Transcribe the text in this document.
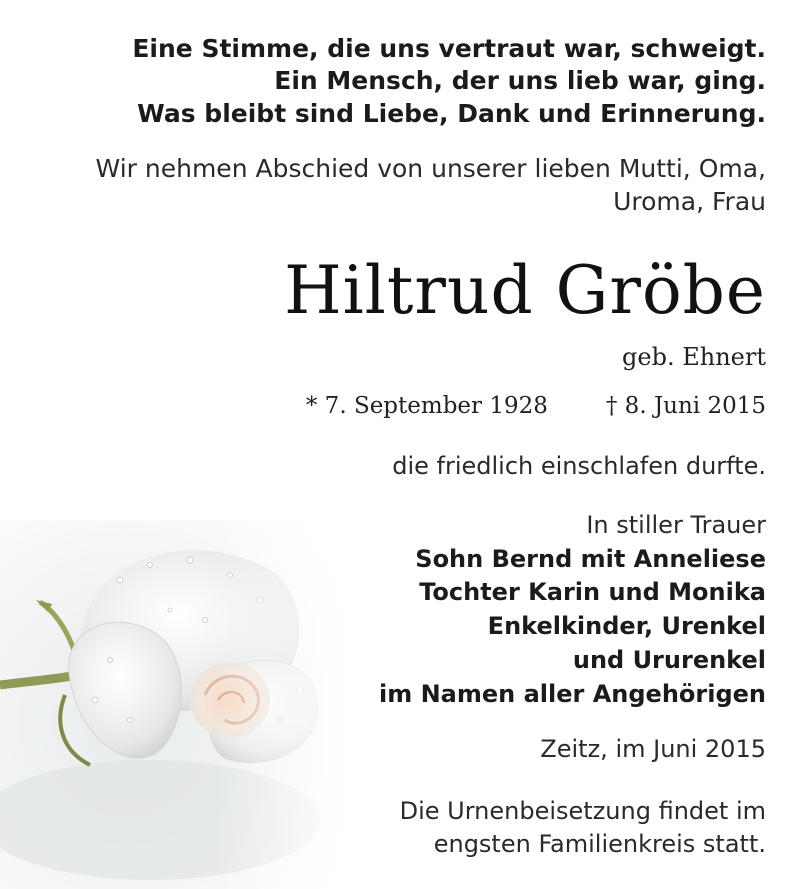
Eine Stimme, die uns vertraut war, schweigt.
Ein Mensch, der uns lieb war, ging.
Was bleibt sind Liebe, Dank und Erinnerung.
Wir nehmen Abschied von unserer lieben Mutti, Oma,
Uroma, Frau
Hiltrud Gröbe
geb. Ehnert
* 7. September 1928	† 8. Juni 2015
die friedlich einschlafen durfte.
In stiller Trauer
Sohn Bernd mit Anneliese
Tochter Karin und Monika
Enkelkinder, Urenkel
und Ururenkel
im Namen aller Angehörigen
Zeitz, im Juni 2015
Die Urnenbeisetzung findet im
engsten Familienkreis statt.
